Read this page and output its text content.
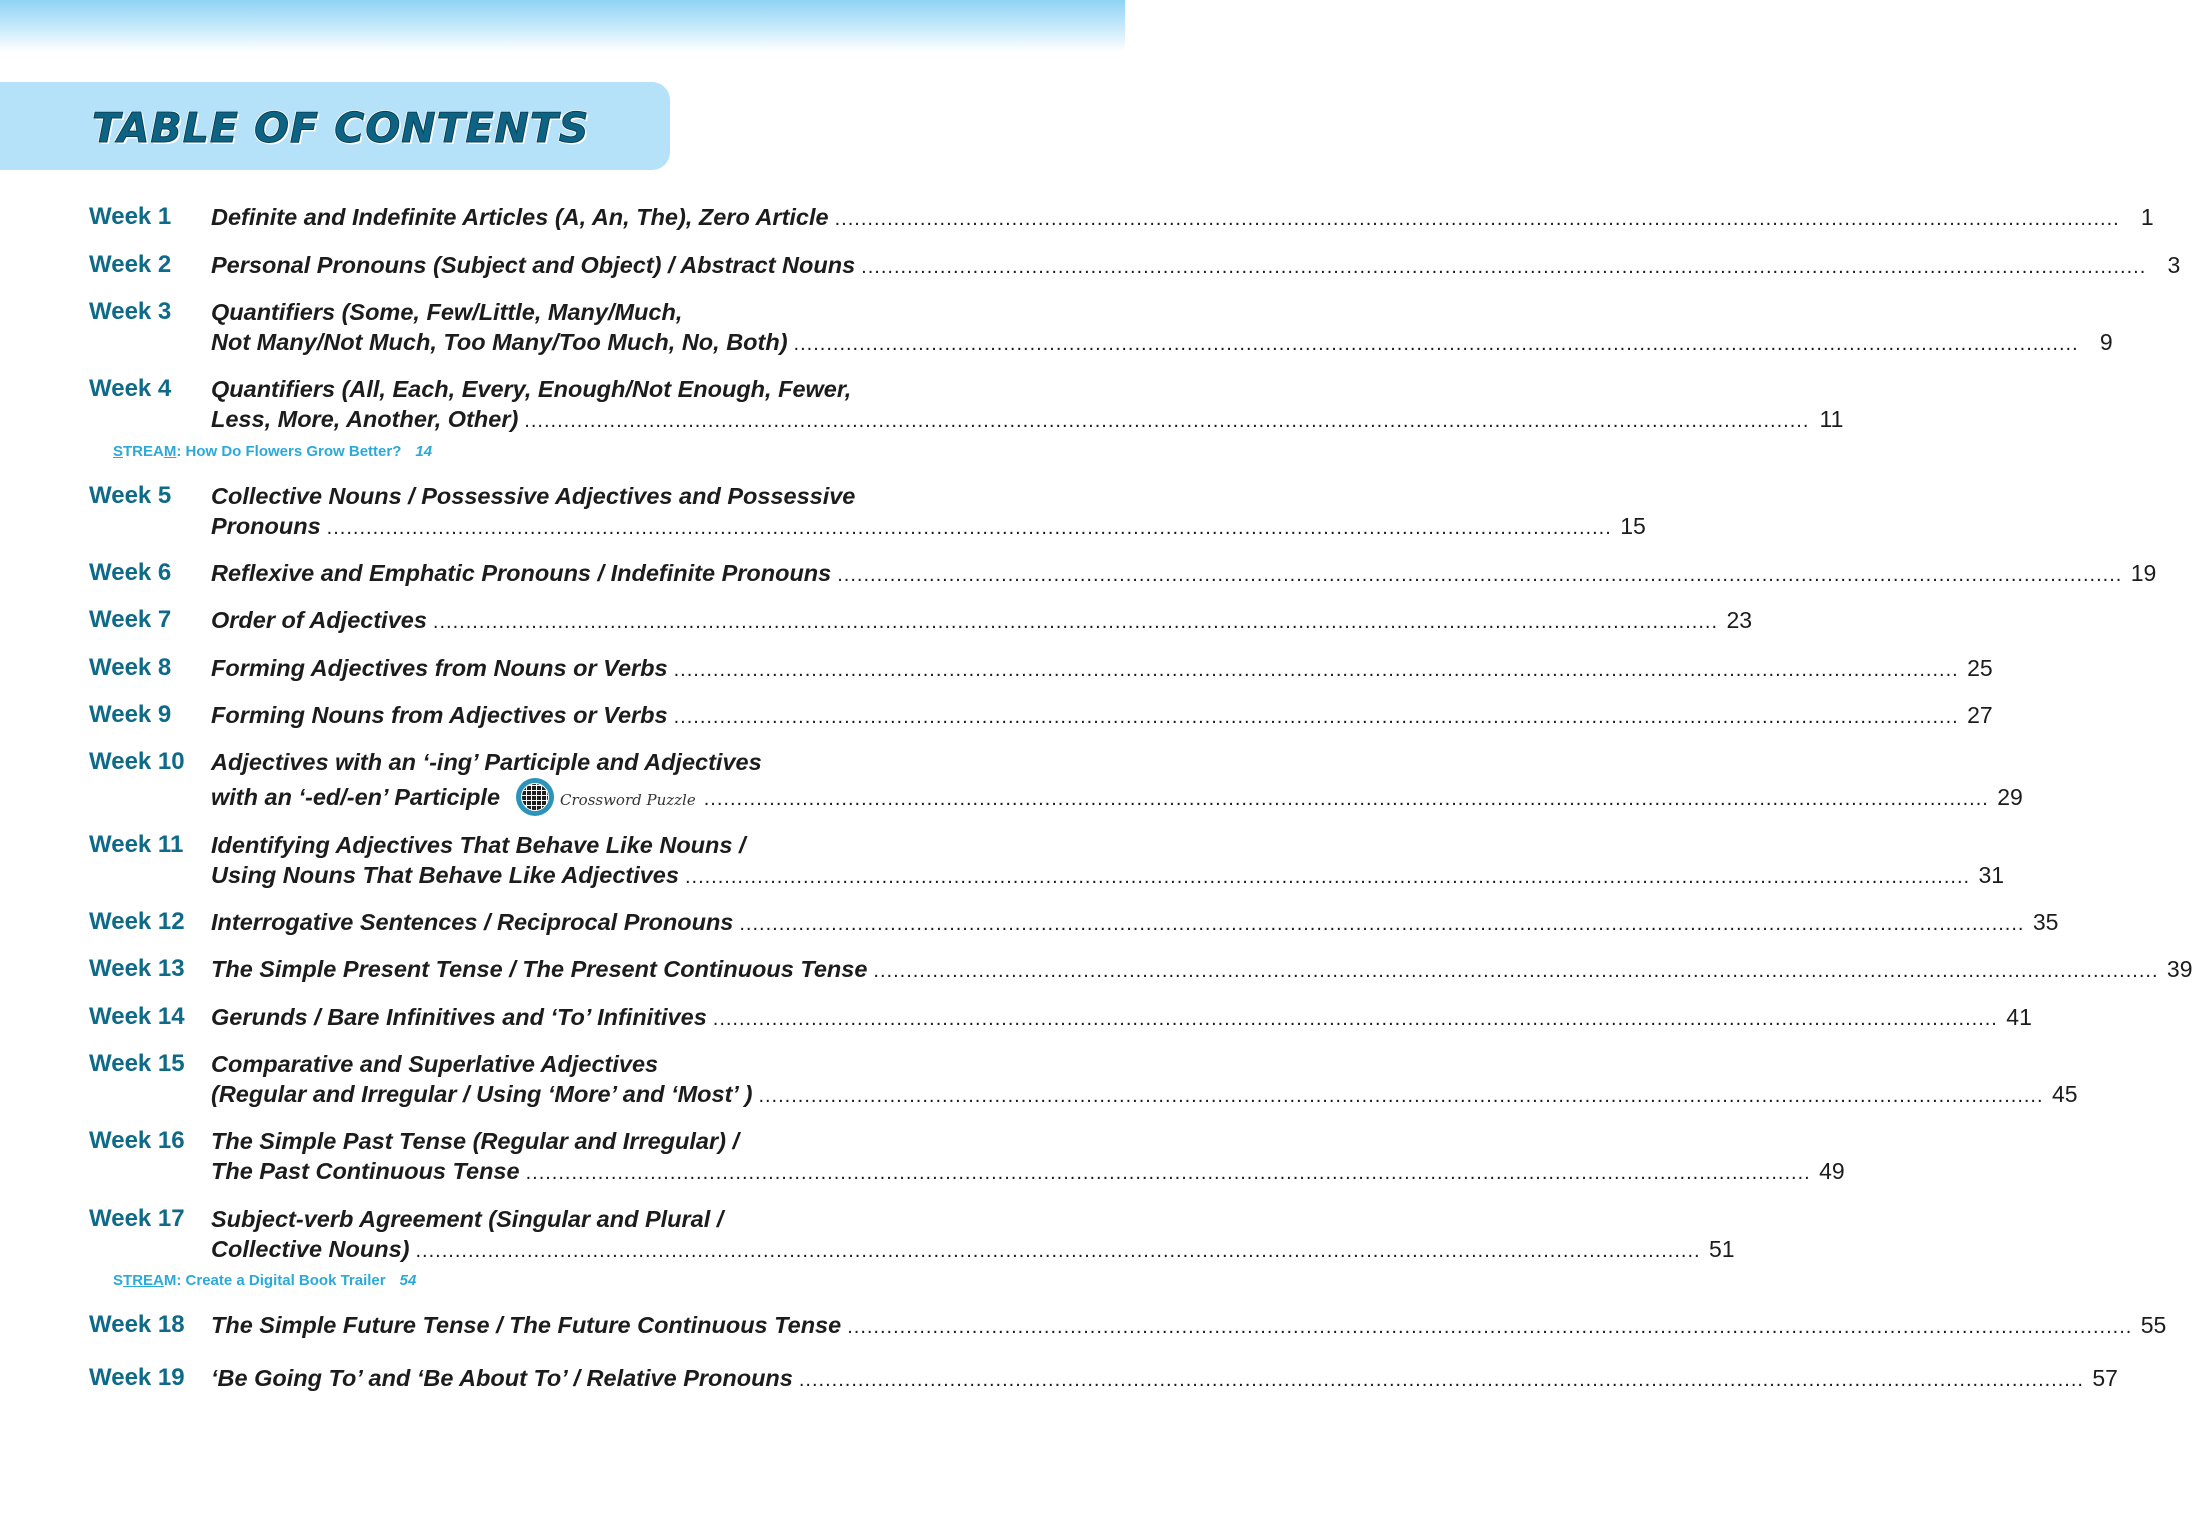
TABLE OF CONTENTS
Week 1 Definite and Indefinite Articles (A, An, The), Zero Article .................................................................................................................................................................................................... 1
Week 2 Personal Pronouns (Subject and Object) / Abstract Nouns .................................................................................................................................................................................................... 3
Week 3 Quantifiers (Some, Few/Little, Many/Much,
Not Many/Not Much, Too Many/Too Much, No, Both) .................................................................................................................................................................................................... 9
Week 4 Quantifiers (All, Each, Every, Enough/Not Enough, Fewer,
Less, More, Another, Other) .................................................................................................................................................................................................... 11
Week 5 Collective Nouns / Possessive Adjectives and Possessive
Pronouns .................................................................................................................................................................................................... 15
Week 6 Reflexive and Emphatic Pronouns / Indefinite Pronouns .................................................................................................................................................................................................... 19
Week 7 Order of Adjectives .................................................................................................................................................................................................... 23
Week 8 Forming Adjectives from Nouns or Verbs .................................................................................................................................................................................................... 25
Week 9 Forming Nouns from Adjectives or Verbs .................................................................................................................................................................................................... 27
Week 10 Adjectives with an ‘-ing’ Participle and Adjectives
with an ‘-ed/-en’ Participle	Crossword Puzzle .................................................................................................................................................................................................... 29
Week 11 Identifying Adjectives That Behave Like Nouns /
Using Nouns That Behave Like Adjectives .................................................................................................................................................................................................... 31
Week 12 Interrogative Sentences / Reciprocal Pronouns .................................................................................................................................................................................................... 35
Week 13 The Simple Present Tense / The Present Continuous Tense .................................................................................................................................................................................................... 39
Week 14 Gerunds / Bare Infinitives and ‘To’ Infinitives .................................................................................................................................................................................................... 41
Week 15 Comparative and Superlative Adjectives
(Regular and Irregular / Using ‘More’ and ‘Most’ ) .................................................................................................................................................................................................... 45
Week 16 The Simple Past Tense (Regular and Irregular) /
The Past Continuous Tense .................................................................................................................................................................................................... 49
Week 17 Subject-verb Agreement (Singular and Plural /
Collective Nouns) .................................................................................................................................................................................................... 51
Week 18 The Simple Future Tense / The Future Continuous Tense .................................................................................................................................................................................................... 55
Week 19 ‘Be Going To’ and ‘Be About To’ / Relative Pronouns .................................................................................................................................................................................................... 57
STREAM: How Do Flowers Grow Better? 14
STREAM: Create a Digital Book Trailer 54
